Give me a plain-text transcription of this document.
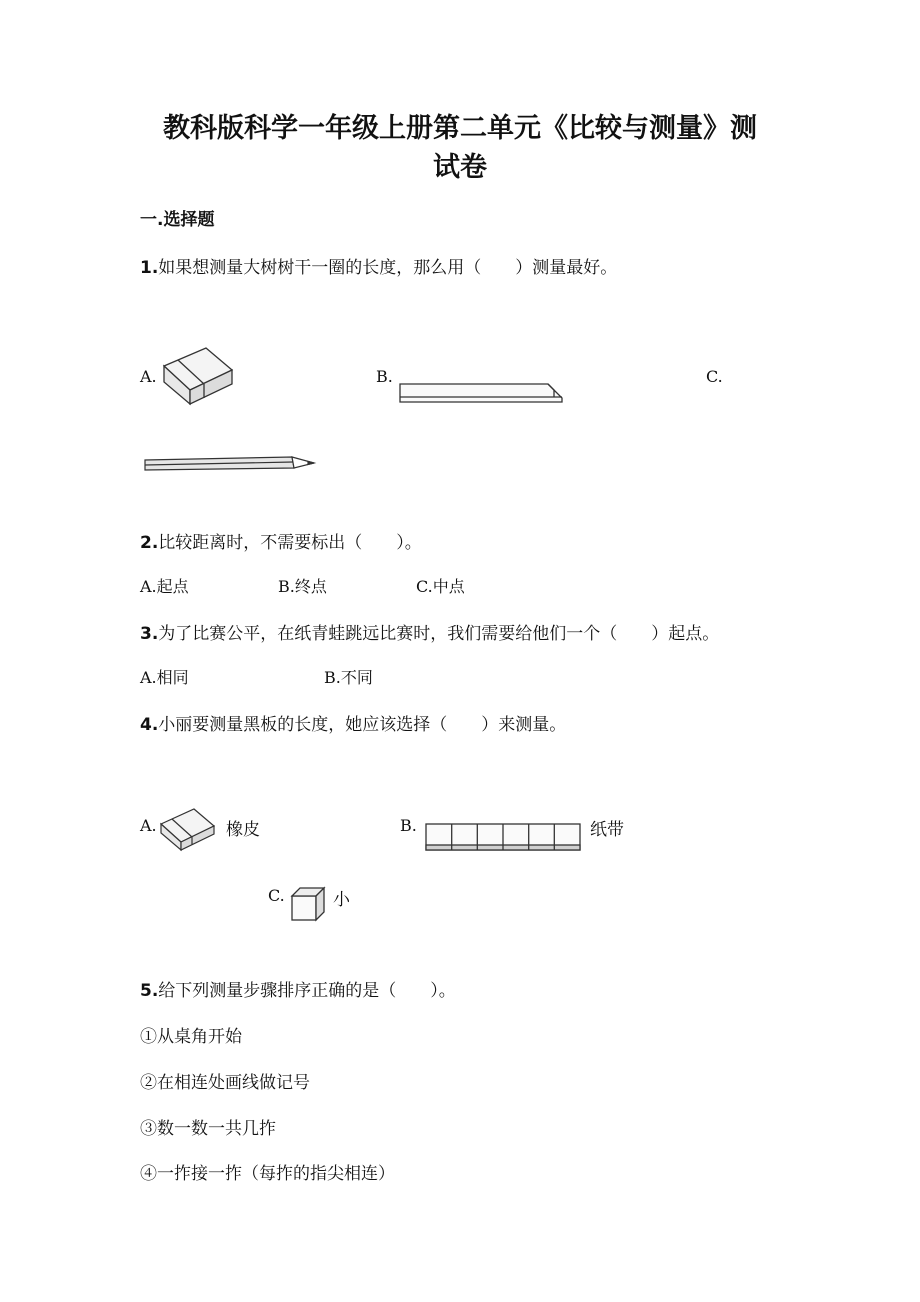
教科版科学一年级上册第二单元《比较与测量》测
试卷
一.选择题
1.如果想测量大树树干一圈的长度，那么用（　　）测量最好。
A.	B.	C.
2.比较距离时，不需要标出（　　）。
A.起点	B.终点	C.中点
3.为了比赛公平，在纸青蛙跳远比赛时，我们需要给他们一个（　　）起点。
A.相同	B.不同
4.小丽要测量黑板的长度，她应该选择（　　）来测量。
A.	橡皮	B.	纸带
C.	小
5.给下列测量步骤排序正确的是（　　）。
①从桌角开始
②在相连处画线做记号
③数一数一共几拃
④一拃接一拃（每拃的指尖相连）
